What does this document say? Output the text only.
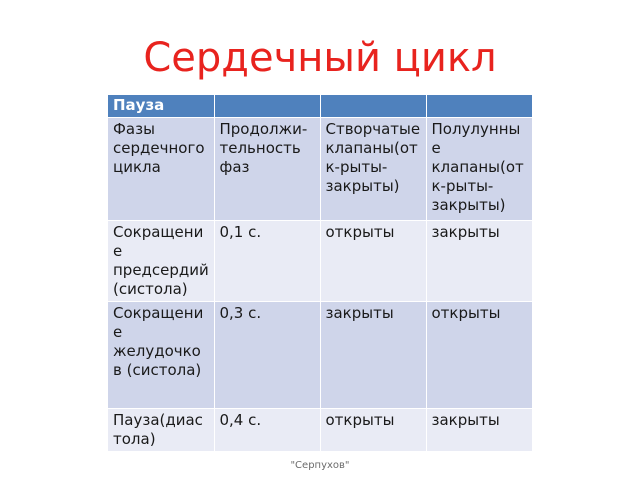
Сердечный цикл
Пауза			
Фазы сердечного цикла	Продолжи-тельность фаз	Створчатые клапаны(отк-рыты-закрыты)	Полулунные клапаны(отк-рыты-закрыты)
Сокращение предсердий(систола)	0,1 с.	открыты	закрыты
Сокращение желудочков (систола)	0,3 с.	закрыты	открыты
Пауза(диастола)	0,4 с.	открыты	закрыты
"Серпухов"
